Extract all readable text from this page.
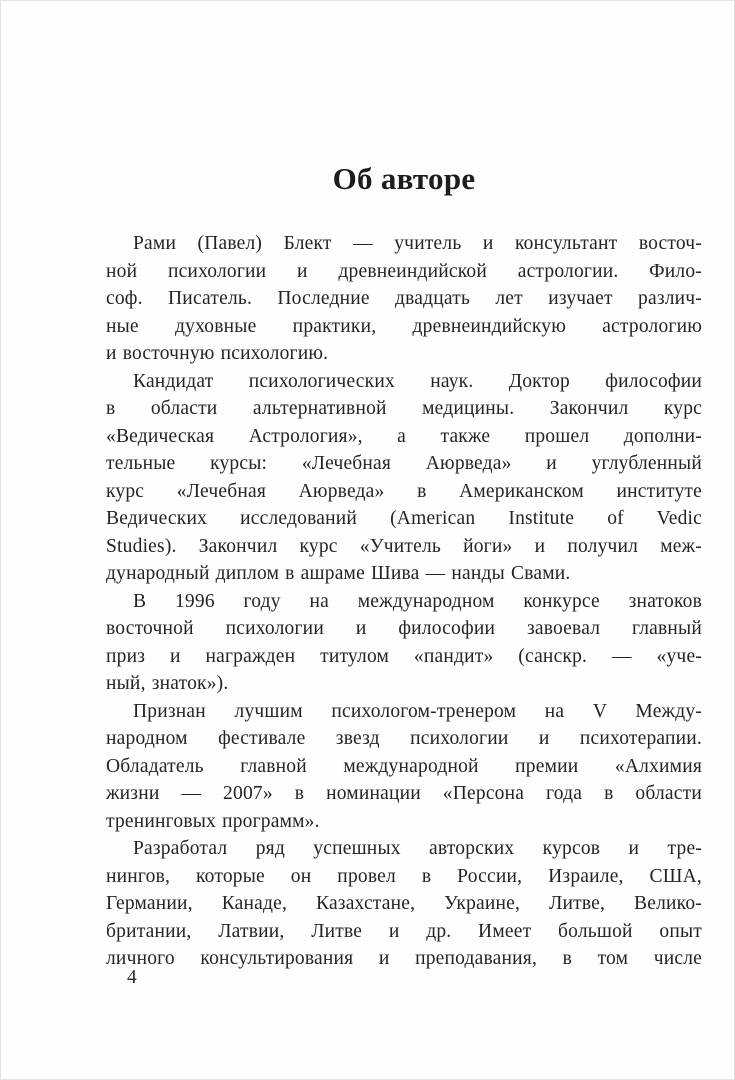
Об авторе
Рами (Павел) Блект — учитель и консультант восточ-
ной психологии и древнеиндийской астрологии. Фило-
соф. Писатель. Последние двадцать лет изучает различ-
ные духовные практики, древнеиндийскую астрологию
и восточную психологию.
Кандидат психологических наук. Доктор философии
в области альтернативной медицины. Закончил курс
«Ведическая Астрология», а также прошел дополни-
тельные курсы: «Лечебная Аюрведа» и углубленный
курс «Лечебная Аюрведа» в Американском институте
Ведических исследований (American Institute of Vedic
Studies). Закончил курс «Учитель йоги» и получил меж-
дународный диплом в ашраме Шива — нанды Свами.
В 1996 году на международном конкурсе знатоков
восточной психологии и философии завоевал главный
приз и награжден титулом «пандит» (санскр. — «уче-
ный, знаток»).
Признан лучшим психологом-тренером на V Между-
народном фестивале звезд психологии и психотерапии.
Обладатель главной международной премии «Алхимия
жизни — 2007» в номинации «Персона года в области
тренинговых программ».
Разработал ряд успешных авторских курсов и тре-
нингов, которые он провел в России, Израиле, США,
Германии, Канаде, Казахстане, Украине, Литве, Велико-
британии, Латвии, Литве и др. Имеет большой опыт
личного консультирования и преподавания, в том числе
4
